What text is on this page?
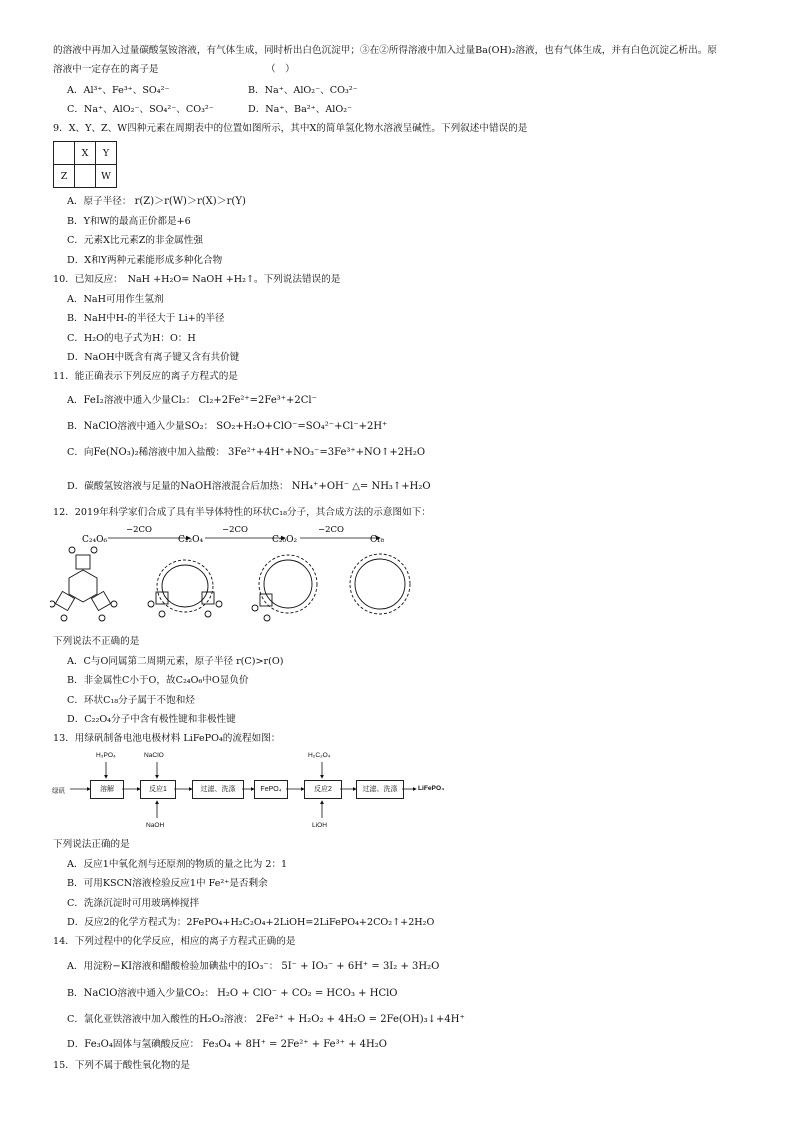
的溶液中再加入过量碳酸氢铵溶液，有气体生成，同时析出白色沉淀甲；③在②所得溶液中加入过量Ba(OH)₂溶液，也有气体生成，并有白色沉淀乙析出。原
溶液中一定存在的离子是	（　）
A．Al³⁺、Fe³⁺、SO₄²⁻	B．Na⁺、AlO₂⁻、CO₃²⁻
C．Na⁺、AlO₂⁻、SO₄²⁻、CO₃²⁻	D．Na⁺、Ba²⁺、AlO₂⁻
9．X、Y、Z、W四种元素在周期表中的位置如图所示，其中X的简单氢化物水溶液呈碱性。下列叙述中错误的是
	X	Y
Z		W
A．原子半径： r(Z)＞r(W)＞r(X)＞r(Y)
B．Y和W的最高正价都是+6
C．元素X比元素Z的非金属性强
D．X和Y两种元素能形成多种化合物
10．已知反应：　NaH +H₂O= NaOH +H₂↑。下列说法错误的是
A．NaH可用作生氢剂
B．NaH中H-的半径大于 Li+的半径
C．H₂O的电子式为H：O：H
D．NaOH中既含有离子键又含有共价键
11．能正确表示下列反应的离子方程式的是
A．FeI₂溶液中通入少量Cl₂： Cl₂+2Fe²⁺=2Fe³⁺+2Cl⁻
B．NaClO溶液中通入少量SO₂： SO₂+H₂O+ClO⁻=SO₄²⁻+Cl⁻+2H⁺
C．向Fe(NO₃)₂稀溶液中加入盐酸： 3Fe²⁺+4H⁺+NO₃⁻=3Fe³⁺+NO↑+2H₂O
D．碳酸氢铵溶液与足量的NaOH溶液混合后加热： NH₄⁺+OH⁻ △= NH₃↑+H₂O
12．2019年科学家们合成了具有半导体特性的环状C₁₈分子，其合成方法的示意图如下：
C₂₄O₆
−2CO
C₂₂O₄
−2CO
C₂₀O₂
−2CO
C₁₈
下列说法不正确的是
A．C与O同属第二周期元素，原子半径 r(C)>r(O)
B．非金属性C小于O，故C₂₄O₆中O显负价
C．环状C₁₈分子属于不饱和烃
D．C₂₂O₄分子中含有极性键和非极性键
13．用绿矾制备电池电极材料 LiFePO₄的流程如图：
绿矾	溶解	反应1	过滤、洗涤	FePO₄	反应2	过滤、洗涤	LiFePO₄
H₃PO₄	NaClO	H₂C₂O₄
NaOH	LiOH
下列说法正确的是
A．反应1中氧化剂与还原剂的物质的量之比为 2：1
B．可用KSCN溶液检验反应1中 Fe²⁺是否剩余
C．洗涤沉淀时可用玻璃棒搅拌
D．反应2的化学方程式为：2FePO₄+H₂C₂O₄+2LiOH=2LiFePO₄+2CO₂↑+2H₂O
14．下列过程中的化学反应，相应的离子方程式正确的是
A．用淀粉−KI溶液和醋酸检验加碘盐中的IO₃⁻： 5I⁻ + IO₃⁻ + 6H⁺ = 3I₂ + 3H₂O
B．NaClO溶液中通入少量CO₂： H₂O + ClO⁻ + CO₂ = HCO₃ + HClO
C．氯化亚铁溶液中加入酸性的H₂O₂溶液： 2Fe²⁺ + H₂O₂ + 4H₂O = 2Fe(OH)₃↓+4H⁺
D．Fe₃O₄固体与氢碘酸反应： Fe₃O₄ + 8H⁺ = 2Fe²⁺ + Fe³⁺ + 4H₂O
15．下列不属于酸性氧化物的是
